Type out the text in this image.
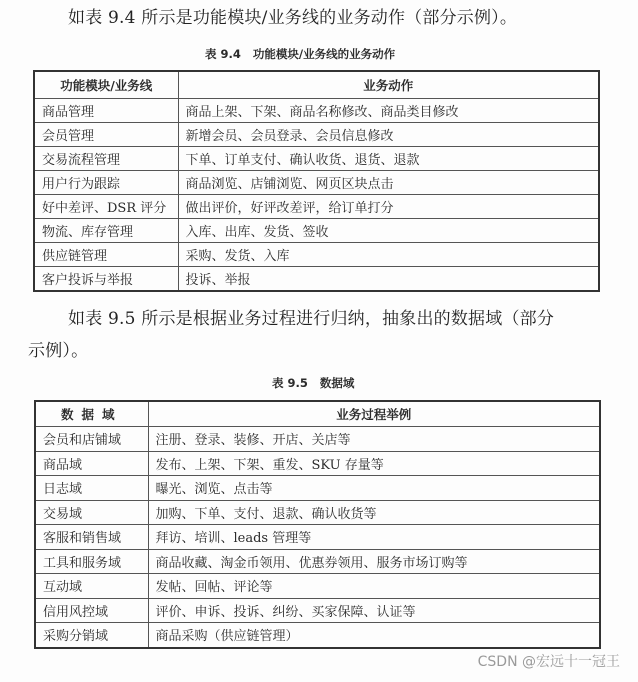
如表 9.4 所示是功能模块/业务线的业务动作（部分示例）。
表 9.4 功能模块/业务线的业务动作
功能模块/业务线	业务动作
商品管理	商品上架、下架、商品名称修改、商品类目修改
会员管理	新增会员、会员登录、会员信息修改
交易流程管理	下单、订单支付、确认收货、退货、退款
用户行为跟踪	商品浏览、店铺浏览、网页区块点击
好中差评、DSR 评分	做出评价，好评改差评，给订单打分
物流、库存管理	入库、出库、发货、签收
供应链管理	采购、发货、入库
客户投诉与举报	投诉、举报
如表 9.5 所示是根据业务过程进行归纳，抽象出的数据域（部分
示例）。
表 9.5 数据域
数据域	业务过程举例
会员和店铺域	注册、登录、装修、开店、关店等
商品域	发布、上架、下架、重发、SKU 存量等
日志域	曝光、浏览、点击等
交易域	加购、下单、支付、退款、确认收货等
客服和销售域	拜访、培训、leads 管理等
工具和服务域	商品收藏、淘金币领用、优惠券领用、服务市场订购等
互动域	发帖、回帖、评论等
信用风控域	评价、申诉、投诉、纠纷、买家保障、认证等
采购分销域	商品采购（供应链管理）
CSDN @宏远十一冠王
